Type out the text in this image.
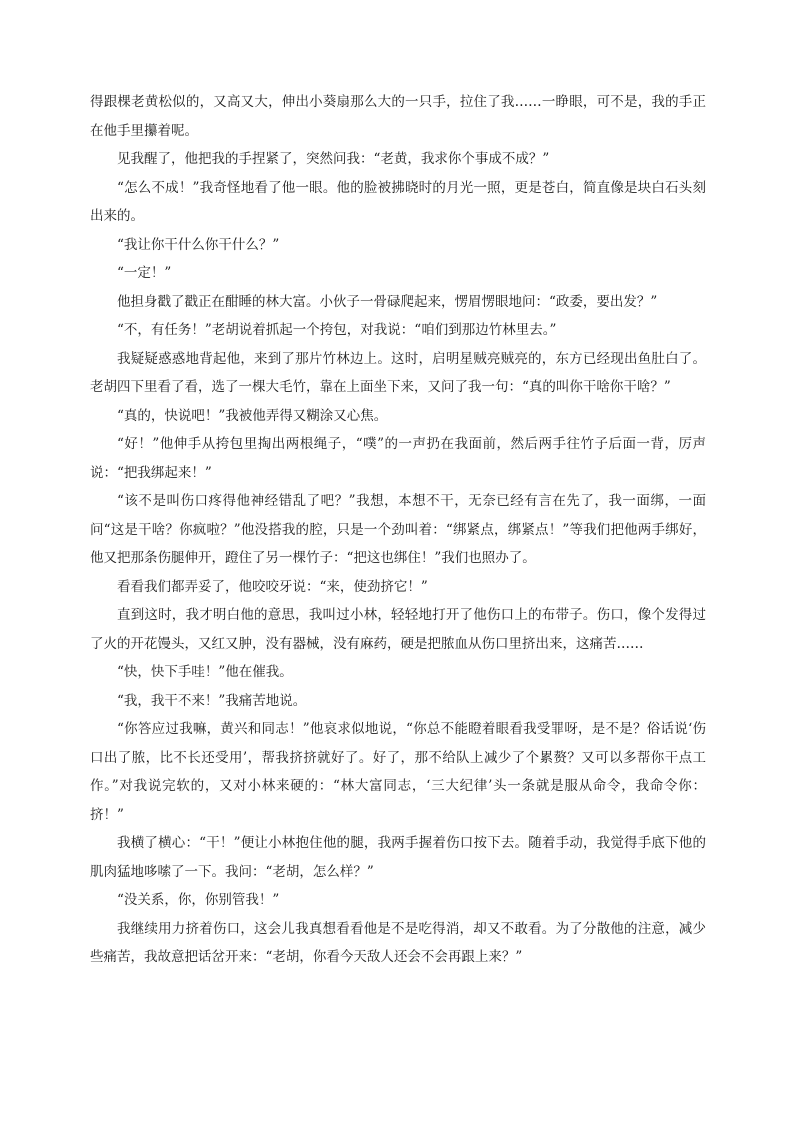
得跟棵老黄松似的，又高又大，伸出小葵扇那么大的一只手，拉住了我……一睁眼，可不是，我的手正在他手里攥着呢。

见我醒了，他把我的手捏紧了，突然问我：“老黄，我求你个事成不成？”

“怎么不成！”我奇怪地看了他一眼。他的脸被拂晓时的月光一照，更是苍白，简直像是块白石头刻出来的。

“我让你干什么你干什么？”

“一定！”

他担身戳了戳正在酣睡的林大富。小伙子一骨碌爬起来，愣眉愣眼地问：“政委，要出发？”

“不，有任务！”老胡说着抓起一个挎包，对我说：“咱们到那边竹林里去。”

我疑疑惑惑地背起他，来到了那片竹林边上。这时，启明星贼亮贼亮的，东方已经现出鱼肚白了。老胡四下里看了看，选了一棵大毛竹，靠在上面坐下来，又问了我一句：“真的叫你干啥你干啥？”

“真的，快说吧！”我被他弄得又糊涂又心焦。

“好！”他伸手从挎包里掏出两根绳子，“噗”的一声扔在我面前，然后两手往竹子后面一背，厉声说：“把我绑起来！”

“该不是叫伤口疼得他神经错乱了吧？”我想，本想不干，无奈已经有言在先了，我一面绑，一面问“这是干啥？你疯啦？”他没搭我的腔，只是一个劲叫着：“绑紧点，绑紧点！”等我们把他两手绑好，他又把那条伤腿伸开，蹬住了另一棵竹子：“把这也绑住！”我们也照办了。

看看我们都弄妥了，他咬咬牙说：“来，使劲挤它！”

直到这时，我才明白他的意思，我叫过小林，轻轻地打开了他伤口上的布带子。伤口，像个发得过了火的开花馒头，又红又肿，没有器械，没有麻药，硬是把脓血从伤口里挤出来，这痛苦……

“快，快下手哇！”他在催我。

“我，我干不来！”我痛苦地说。

“你答应过我嘛，黄兴和同志！”他哀求似地说，“你总不能瞪着眼看我受罪呀，是不是？俗话说‘伤口出了脓，比不长还受用’，帮我挤挤就好了。好了，那不给队上减少了个累赘？又可以多帮你干点工作。”对我说完软的，又对小林来硬的：“林大富同志，‘三大纪律’头一条就是服从命令，我命令你：挤！”

我横了横心：“干！”便让小林抱住他的腿，我两手握着伤口按下去。随着手动，我觉得手底下他的肌肉猛地哆嗦了一下。我问：“老胡，怎么样？”

“没关系，你，你别管我！”

我继续用力挤着伤口，这会儿我真想看看他是不是吃得消，却又不敢看。为了分散他的注意，减少些痛苦，我故意把话岔开来：“老胡，你看今天敌人还会不会再跟上来？”
